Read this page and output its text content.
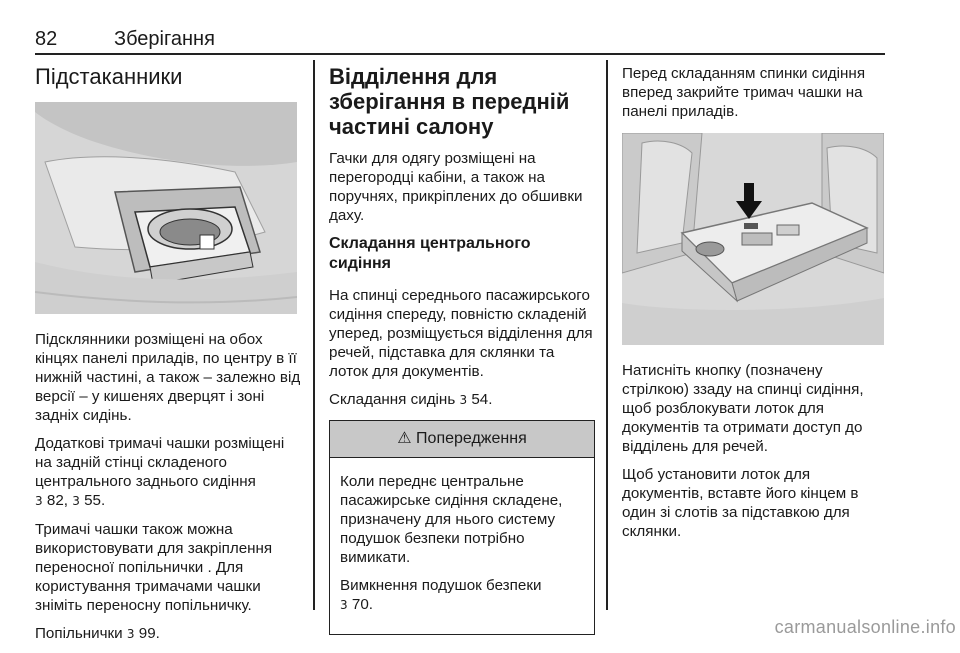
82	Зберігання
Підстаканники

Підсклянники розміщені на обох кінцях панелі приладів, по центру в її нижній частині, а також – залежно від версії – у кишенях дверцят і зоні задніх сидінь.

Додаткові тримачі чашки розміщені на задній стінці складеного центрального заднього сидіння
3 82, 3 55.

Тримачі чашки також можна використовувати для закріплення переносної попільнички . Для користування тримачами чашки зніміть переносну попільничку.

Попільнички 3 99.

Відділення для зберігання в передній частині салону

Гачки для одягу розміщені на перегородці кабіни, а також на поручнях, прикріплених до обшивки даху.

Складання центрального сидіння

На спинці середнього пасажирського сидіння спереду, повністю складеній уперед, розміщується відділення для речей, підставка для склянки та лоток для документів.

Складання сидінь 3 54.

⚠ Попередження

Коли переднє центральне пасажирське сидіння складене, призначену для нього систему подушок безпеки потрібно вимикати.

Вимкнення подушок безпеки
3 70.

Перед складанням спинки сидіння вперед закрийте тримач чашки на панелі приладів.

Натисніть кнопку (позначену стрілкою) ззаду на спинці сидіння, щоб розблокувати лоток для документів та отримати доступ до відділень для речей.

Щоб установити лоток для документів, вставте його кінцем в один зі слотів за підставкою для склянки.

carmanualsonline.info
